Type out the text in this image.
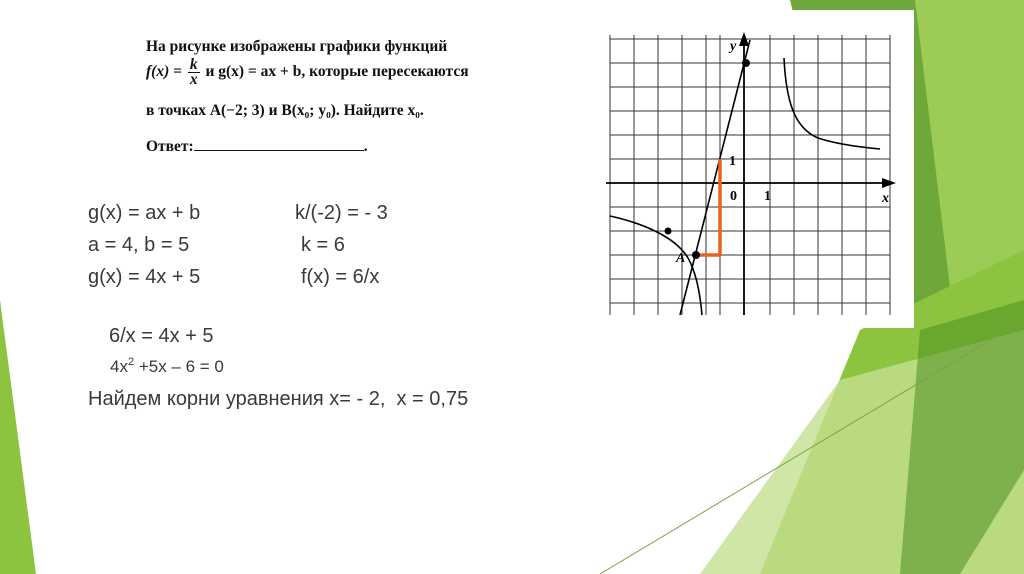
На рисунке изображены графики функций
$f(x) = \frac{k}{x}$ и g(x) = ax + b, которые пересекаются
в точках A(−2; 3) и B(x₀; y₀). Найдите x₀.
Ответ:	.
y
x
1
0 1
A
g(x) = ax + b
a = 4, b = 5
g(x) = 4x + 5
k/(-2) = - 3
k = 6
f(x) = 6/x
6/x = 4x + 5
$4x^2 +5x - 6 = 0$
Найдем корни уравнения x= - 2,  x = 0,75
